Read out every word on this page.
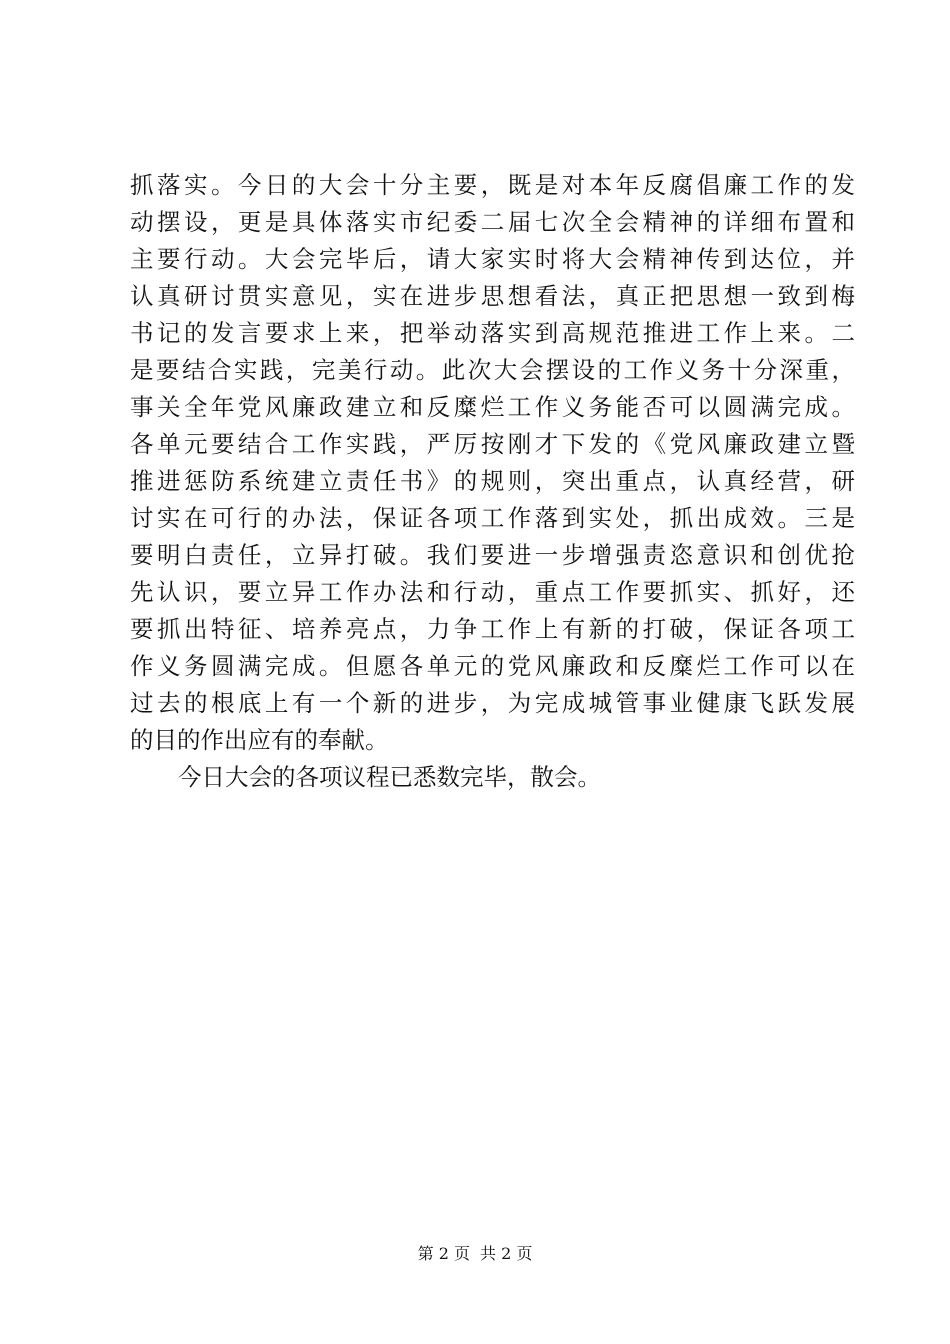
抓落实。今日的大会十分主要，既是对本年反腐倡廉工作的发
动摆设，更是具体落实市纪委二届七次全会精神的详细布置和
主要行动。大会完毕后，请大家实时将大会精神传到达位，并
认真研讨贯实意见，实在进步思想看法，真正把思想一致到梅
书记的发言要求上来，把举动落实到高规范推进工作上来。二
是要结合实践，完美行动。此次大会摆设的工作义务十分深重，
事关全年党风廉政建立和反糜烂工作义务能否可以圆满完成。
各单元要结合工作实践，严厉按刚才下发的《党风廉政建立暨
推进惩防系统建立责任书》的规则，突出重点，认真经营，研
讨实在可行的办法，保证各项工作落到实处，抓出成效。三是
要明白责任，立异打破。我们要进一步增强责恣意识和创优抢
先认识，要立异工作办法和行动，重点工作要抓实、抓好，还
要抓出特征、培养亮点，力争工作上有新的打破，保证各项工
作义务圆满完成。但愿各单元的党风廉政和反糜烂工作可以在
过去的根底上有一个新的进步，为完成城管事业健康飞跃发展
的目的作出应有的奉献。
今日大会的各项议程已悉数完毕，散会。
第 2 页 共 2 页
